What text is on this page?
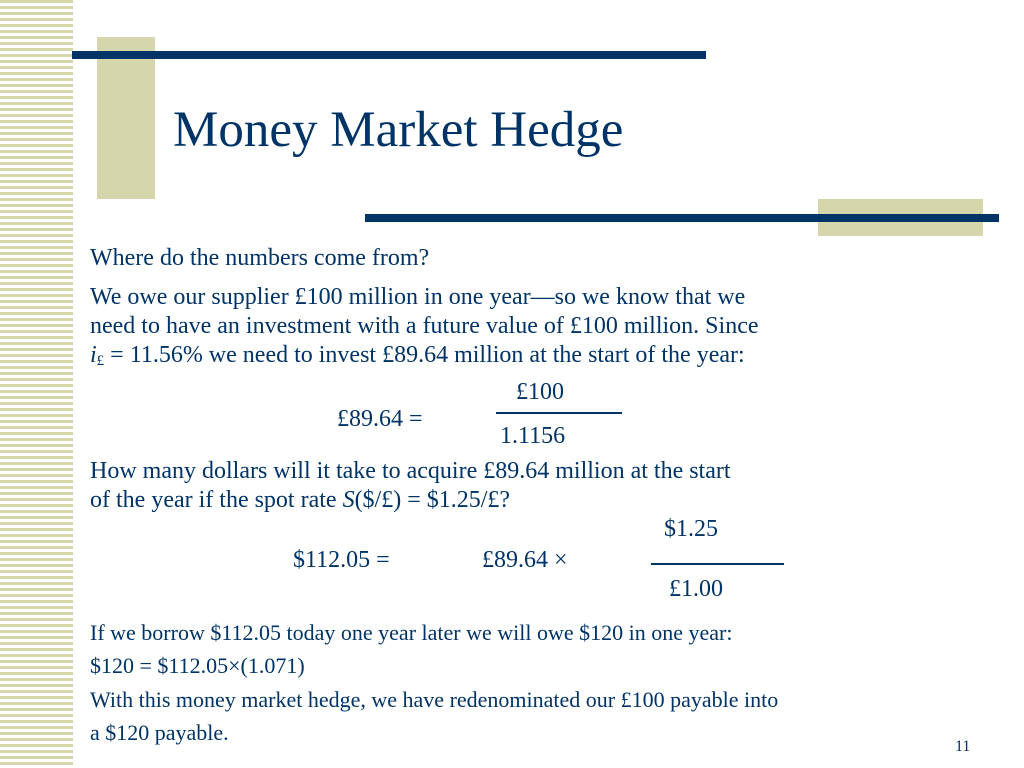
Money Market Hedge
Where do the numbers come from?
We owe our supplier £100 million in one year—so we know that we
need to have an investment with a future value of £100 million. Since
$i_£ = 11.56\%$ we need to invest £89.64 million at the start of the year:
£89.64 =
£100
1.1156
How many dollars will it take to acquire £89.64 million at the start
of the year if the spot rate S($/£) = $1.25/£?
$1.25
$112.05 =	£89.64 ×
£1.00
If we borrow $112.05 today one year later we will owe $120 in one year:
$120 = $112.05×(1.071)
With this money market hedge, we have redenominated our £100 payable into
a $120 payable.
11
